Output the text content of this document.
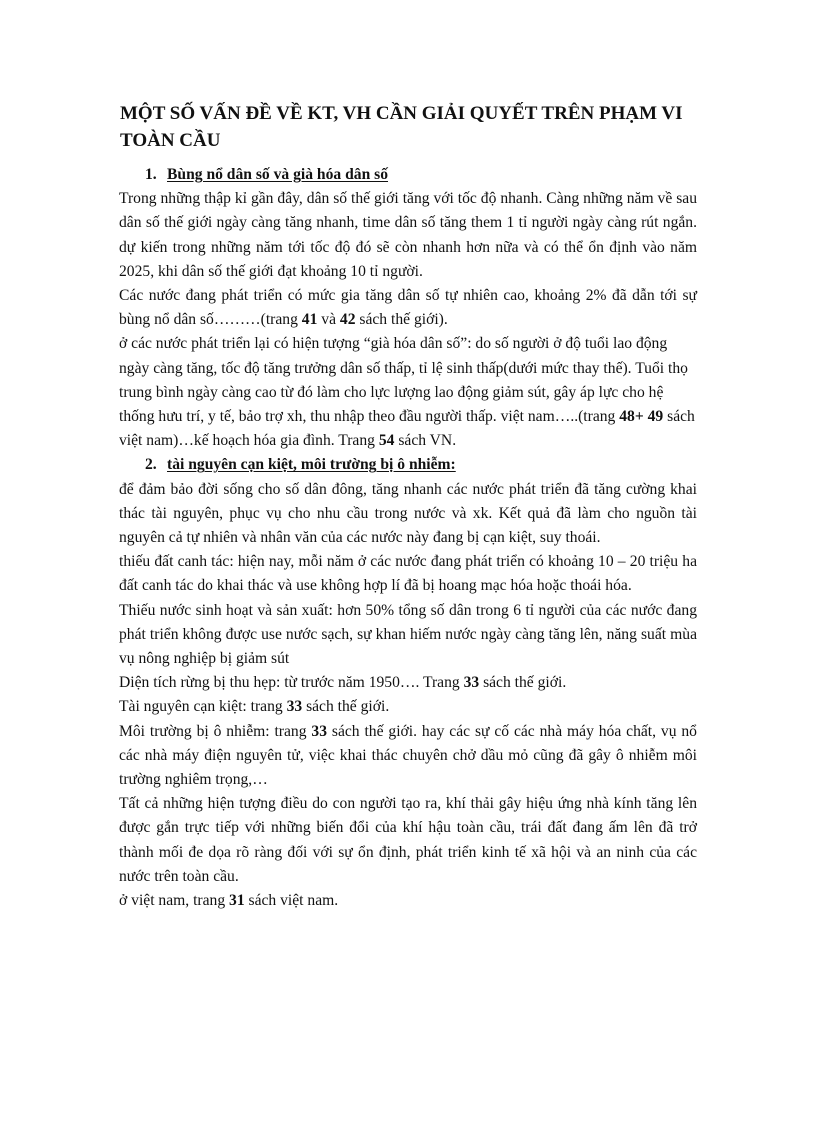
MỘT SỐ VẤN ĐỀ VỀ KT, VH CẦN GIẢI QUYẾT TRÊN PHẠM VI TOÀN CẦU

1. Bùng nổ dân số và già hóa dân số

Trong những thập kỉ gần đây, dân số thế giới tăng với tốc độ nhanh. Càng những năm về sau dân số thế giới ngày càng tăng nhanh, time dân số tăng them 1 tỉ người ngày càng rút ngắn. dự kiến trong những năm tới tốc độ đó sẽ còn nhanh hơn nữa và có thể ổn định vào năm 2025, khi dân số thế giới đạt khoảng 10 tỉ người.

Các nước đang phát triển có mức gia tăng dân số tự nhiên cao, khoảng 2% đã dẫn tới sự bùng nổ dân số………(trang 41 và 42 sách thế giới).

ở các nước phát triển lại có hiện tượng “già hóa dân số”: do số người ở độ tuổi lao động ngày càng tăng, tốc độ tăng trưởng dân số thấp, tỉ lệ sinh thấp(dưới mức thay thế). Tuổi thọ trung bình ngày càng cao từ đó làm cho lực lượng lao động giảm sút, gây áp lực cho hệ thống hưu trí, y tế, bảo trợ xh, thu nhập theo đầu người thấp. việt nam…..(trang 48+ 49 sách việt nam)…kế hoạch hóa gia đình. Trang 54 sách VN.

2. tài nguyên cạn kiệt, môi trường bị ô nhiễm:

để đảm bảo đời sống cho số dân đông, tăng nhanh các nước phát triển đã tăng cường khai thác tài nguyên, phục vụ cho nhu cầu trong nước và xk. Kết quả đã làm cho nguồn tài nguyên cả tự nhiên và nhân văn của các nước này đang bị cạn kiệt, suy thoái.

thiếu đất canh tác: hiện nay, mỗi năm ở các nước đang phát triển có khoảng 10 – 20 triệu ha đất canh tác do khai thác và use không hợp lí đã bị hoang mạc hóa hoặc thoái hóa.

Thiếu nước sinh hoạt và sản xuất: hơn 50% tổng số dân trong 6 tỉ người của các nước đang phát triển không được use nước sạch, sự khan hiếm nước ngày càng tăng lên, năng suất mùa vụ nông nghiệp bị giảm sút

Diện tích rừng bị thu hẹp: từ trước năm 1950…. Trang 33 sách thế giới.

Tài nguyên cạn kiệt: trang 33 sách thế giới.

Môi trường bị ô nhiễm: trang 33 sách thế giới. hay các sự cố các nhà máy hóa chất, vụ nổ các nhà máy điện nguyên tử, việc khai thác chuyên chở dầu mỏ cũng đã gây ô nhiễm môi trường nghiêm trọng,…

Tất cả những hiện tượng điều do con người tạo ra, khí thải gây hiệu ứng nhà kính tăng lên được gắn trực tiếp với những biến đổi của khí hậu toàn cầu, trái đất đang ấm lên đã trở thành mối đe dọa rõ ràng đối với sự ổn định, phát triển kinh tế xã hội và an ninh của các nước trên toàn cầu.

ở việt nam, trang 31 sách việt nam.
